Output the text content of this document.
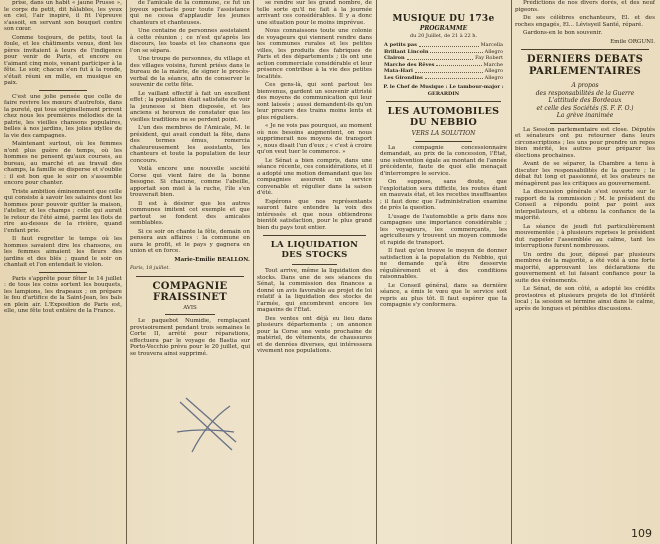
prise, dans un habit « jaune Prusse », le corps du petit, dit hâlables, les yeux en ciel, l'air inspiré, il fit l'épreuve s'assoit, en servant son bouquet contre son cœur.

Comme toujours, de petits, tout la foule, et les châtiments venus, dont les pères invitaient à leurs de l'indigence pour venir de Paris, et encore ou t'aimant cinq mois, venant participer à la fête. Le soir, chacun s'en fut à la ronde, s'était réuni en mille, en musique en paix.

C'est une jolie pensée que celle de faire revivre les mœurs d'autrefois, dans la pureté, qui tous originellement prirent chez nous les premières mélodies de la patrie, les vieilles chansons populaires, belles à nos jardins, les jolies idylles de la vie des campagnes.

Maintenant surtout, où les femmes n'ont plus guère de temps, où les hommes ne pensent qu'aux courses, au bureau, au marché et au travail des champs, la famille se disperse et s'oublie : il est bon que le soir on s'assemble encore pour chanter.

Triste ambition éminemment que celle qui consiste à savoir les salaires dont les hommes pour pouvoir quitter la maison, l'atelier, et les champs ; celle qui aurait le retour de l'été aimé, parmi les flots de rire au-dessus de la rivière, quand l'enfant prie.

Il faut regretter le temps où les hommes savaient dire les chansons, ou les femmes aimaient les fleurs des jardins et des blés ; quand le soir on chantait et l'on entendait le violon.

Paris s'apprête pour fêter le 14 juillet : de tous les coins sortent les bouquets, les lampions, les drapeaux ; on prépare le feu d'artifice de la Saint-Jean, les bals en plein air. L'Exposition de Paris est, elle, une fête tout entière de la France.

de l'amicale de la commune, ce fut un joyeux spectacle pour toute l'assistance qui ne cessa d'applaudir les jeunes chanteurs et chanteuses.

Une centaine de personnes assistaient à cette réunion ; ce n'est qu'après les discours, les toasts et les chansons que l'on se sépara.

Une troupe de personnes, du village et des villages voisins, furent priées dans le bureau de la mairie, de signer le procès-verbal de la séance, afin de conserver le souvenir de cette fête.

Le vaillant effectif à fait un excellent effet ; la population était satisfaite de voir la jeunesse si bien disposée, et les anciens si heureux de constater que les vieilles traditions ne se perdent point.

L'un des membres de l'Amicale, M. le président, qui avait conduit la fête, dans des termes émus, remercia chaleureusement les assistants, les chanteurs et toute la population de leur concours.

Voilà encore une nouvelle société Corse qui vient faire de la bonne besogne. Si chacune, comme l'abeille, apportait son miel à la ruche, l'île s'en trouverait bien.

Il est à désirer que les autres communes imitent cet exemple et que partout se fondent des amicales semblables.

Si ce soir on chante la fête, demain on pensera aux affaires : la commune en aura le profit, et le pays y gagnera en union et en force.

Marie-Emilie BEALLON.

Paris, 18 juillet.

COMPAGNIE FRAISSINET
AVIS

Le paquebot Numidie, remplaçant provisoirement pendant trois semaines le Corte II, arrêté pour réparations, effectuera par le voyage de Bastia sur Porto-Vecchio prévu pour le 20 juillet, qui se trouvera ainsi supprimé.

se rendre sur les grand nombre, de telle sorte qu'il ne fait à la journée arrivant ces considérables. Il y a donc une situation pour le moins imprévue.

Nous connaissons toute une colonie de voyageurs qui viennent rendre dans les communes rurales et les petites villes, les produits des fabriques de Paris et des départements ; ils ont une action commerciale considérable et leur présence contribue à la vie des petites localités.

Ces gens-là, qui sont partout les bienvenus, gardent un souvenir attristé des moyens de communication qui leur sont laissés ; aussi demandent-ils qu'on leur procure des trains moins lents et plus réguliers.

« Je ne vois pas pourquoi, au moment où nos besoins augmentent, on nous supprimerait nos moyens de transport », nous disait l'un d'eux ; « c'est à croire qu'on veut tuer le commerce. »

Le Sénat a bien compris, dans une séance récente, ces considérations, et il a adopté une motion demandant que les compagnies assurent un service convenable et régulier dans la saison d'été.

Espérons que nos représentants sauront faire entendre la voix des intéressés et que nous obtiendrons bientôt satisfaction, pour le plus grand bien du pays tout entier.

LA LIQUIDATION DES STOCKS

Tout arrive, même la liquidation des stocks. Dans une de ses séances du Sénat, la commission des finances a donné un avis favorable au projet de loi relatif à la liquidation des stocks de l'armée, qui encombrent encore les magasins de l'État.

Des ventes ont déjà eu lieu dans plusieurs départements ; on annonce pour la Corse une vente prochaine de matériel, de vêtements, de chaussures et de denrées diverses, qui intéressera vivement nos populations.

MUSIQUE DU 173e
PROGRAMME
du 20 Juillet, de 21 à 22 h.
A petits pas	Marcella
Brillant Lincoln	Allegro
Clairon	Fay Robert
Marche des Rêves	Marche
Mata-Hari	Allegro
Les Girondins	Allegro
P. le Chef de Musique : Le tambour-major : GERARDIN
LES AUTOMOBILES DU NEBBIO
VERS LA SOLUTION

La compagnie concessionnaire demandait, au prix de la concession, l'État, une subvention égale au montant de l'année précédente, faute de quoi elle menaçait d'interrompre le service.

On suppose, sans doute, que l'exploitation sera difficile, les routes étant en mauvais état, et les recettes insuffisantes ; il faut donc que l'administration examine de près la question.

L'usage de l'automobile a pris dans nos campagnes une importance considérable ; les voyageurs, les commerçants, les agriculteurs y trouvent un moyen commode et rapide de transport.

Il faut qu'on trouve le moyen de donner satisfaction à la population du Nebbio, qui ne demande qu'à être desservie régulièrement et à des conditions raisonnables.

Le Conseil général, dans sa dernière séance, a émis le vœu que le service soit repris au plus tôt. Il faut espérer que la compagnie s'y conformera.

Prédictions de nos divers dorés, et des neuf pigeons.

De ses célèbres enchanteurs, El. et des roches engagés, El... Lévisyeil Santé, réparé.

Gardons-en le bon souvenir.

Emile ORGUNI.

DERNIERS DEBATS PARLEMENTAIRES
A propos
des responsabilités de la Guerre
L'attitude des Bordeaux
et celle des Sociétés (S. F. F. O.)
La grève inanimée

La Session parlementaire est close. Députés et sénateurs ont pu retourner dans leurs circonscriptions ; les uns pour prendre un repos bien mérité, les autres pour préparer les élections prochaines.

Avant de se séparer, la Chambre a tenu à discuter les responsabilités de la guerre ; le débat fut long et passionné, et les orateurs ne ménagèrent pas les critiques au gouvernement.

La discussion générale s'est ouverte sur le rapport de la commission ; M. le président du Conseil a répondu point par point aux interpellateurs, et a obtenu la confiance de la majorité.

La séance de jeudi fut particulièrement mouvementée ; à plusieurs reprises le président dut rappeler l'assemblée au calme, tant les interruptions furent nombreuses.

Un ordre du jour, déposé par plusieurs membres de la majorité, a été voté à une forte majorité, approuvant les déclarations du gouvernement et lui faisant confiance pour la suite des événements.

Le Sénat, de son côté, a adopté les crédits provisoires et plusieurs projets de loi d'intérêt local ; la session se termine ainsi dans le calme, après de longues et pénibles discussions.

109
